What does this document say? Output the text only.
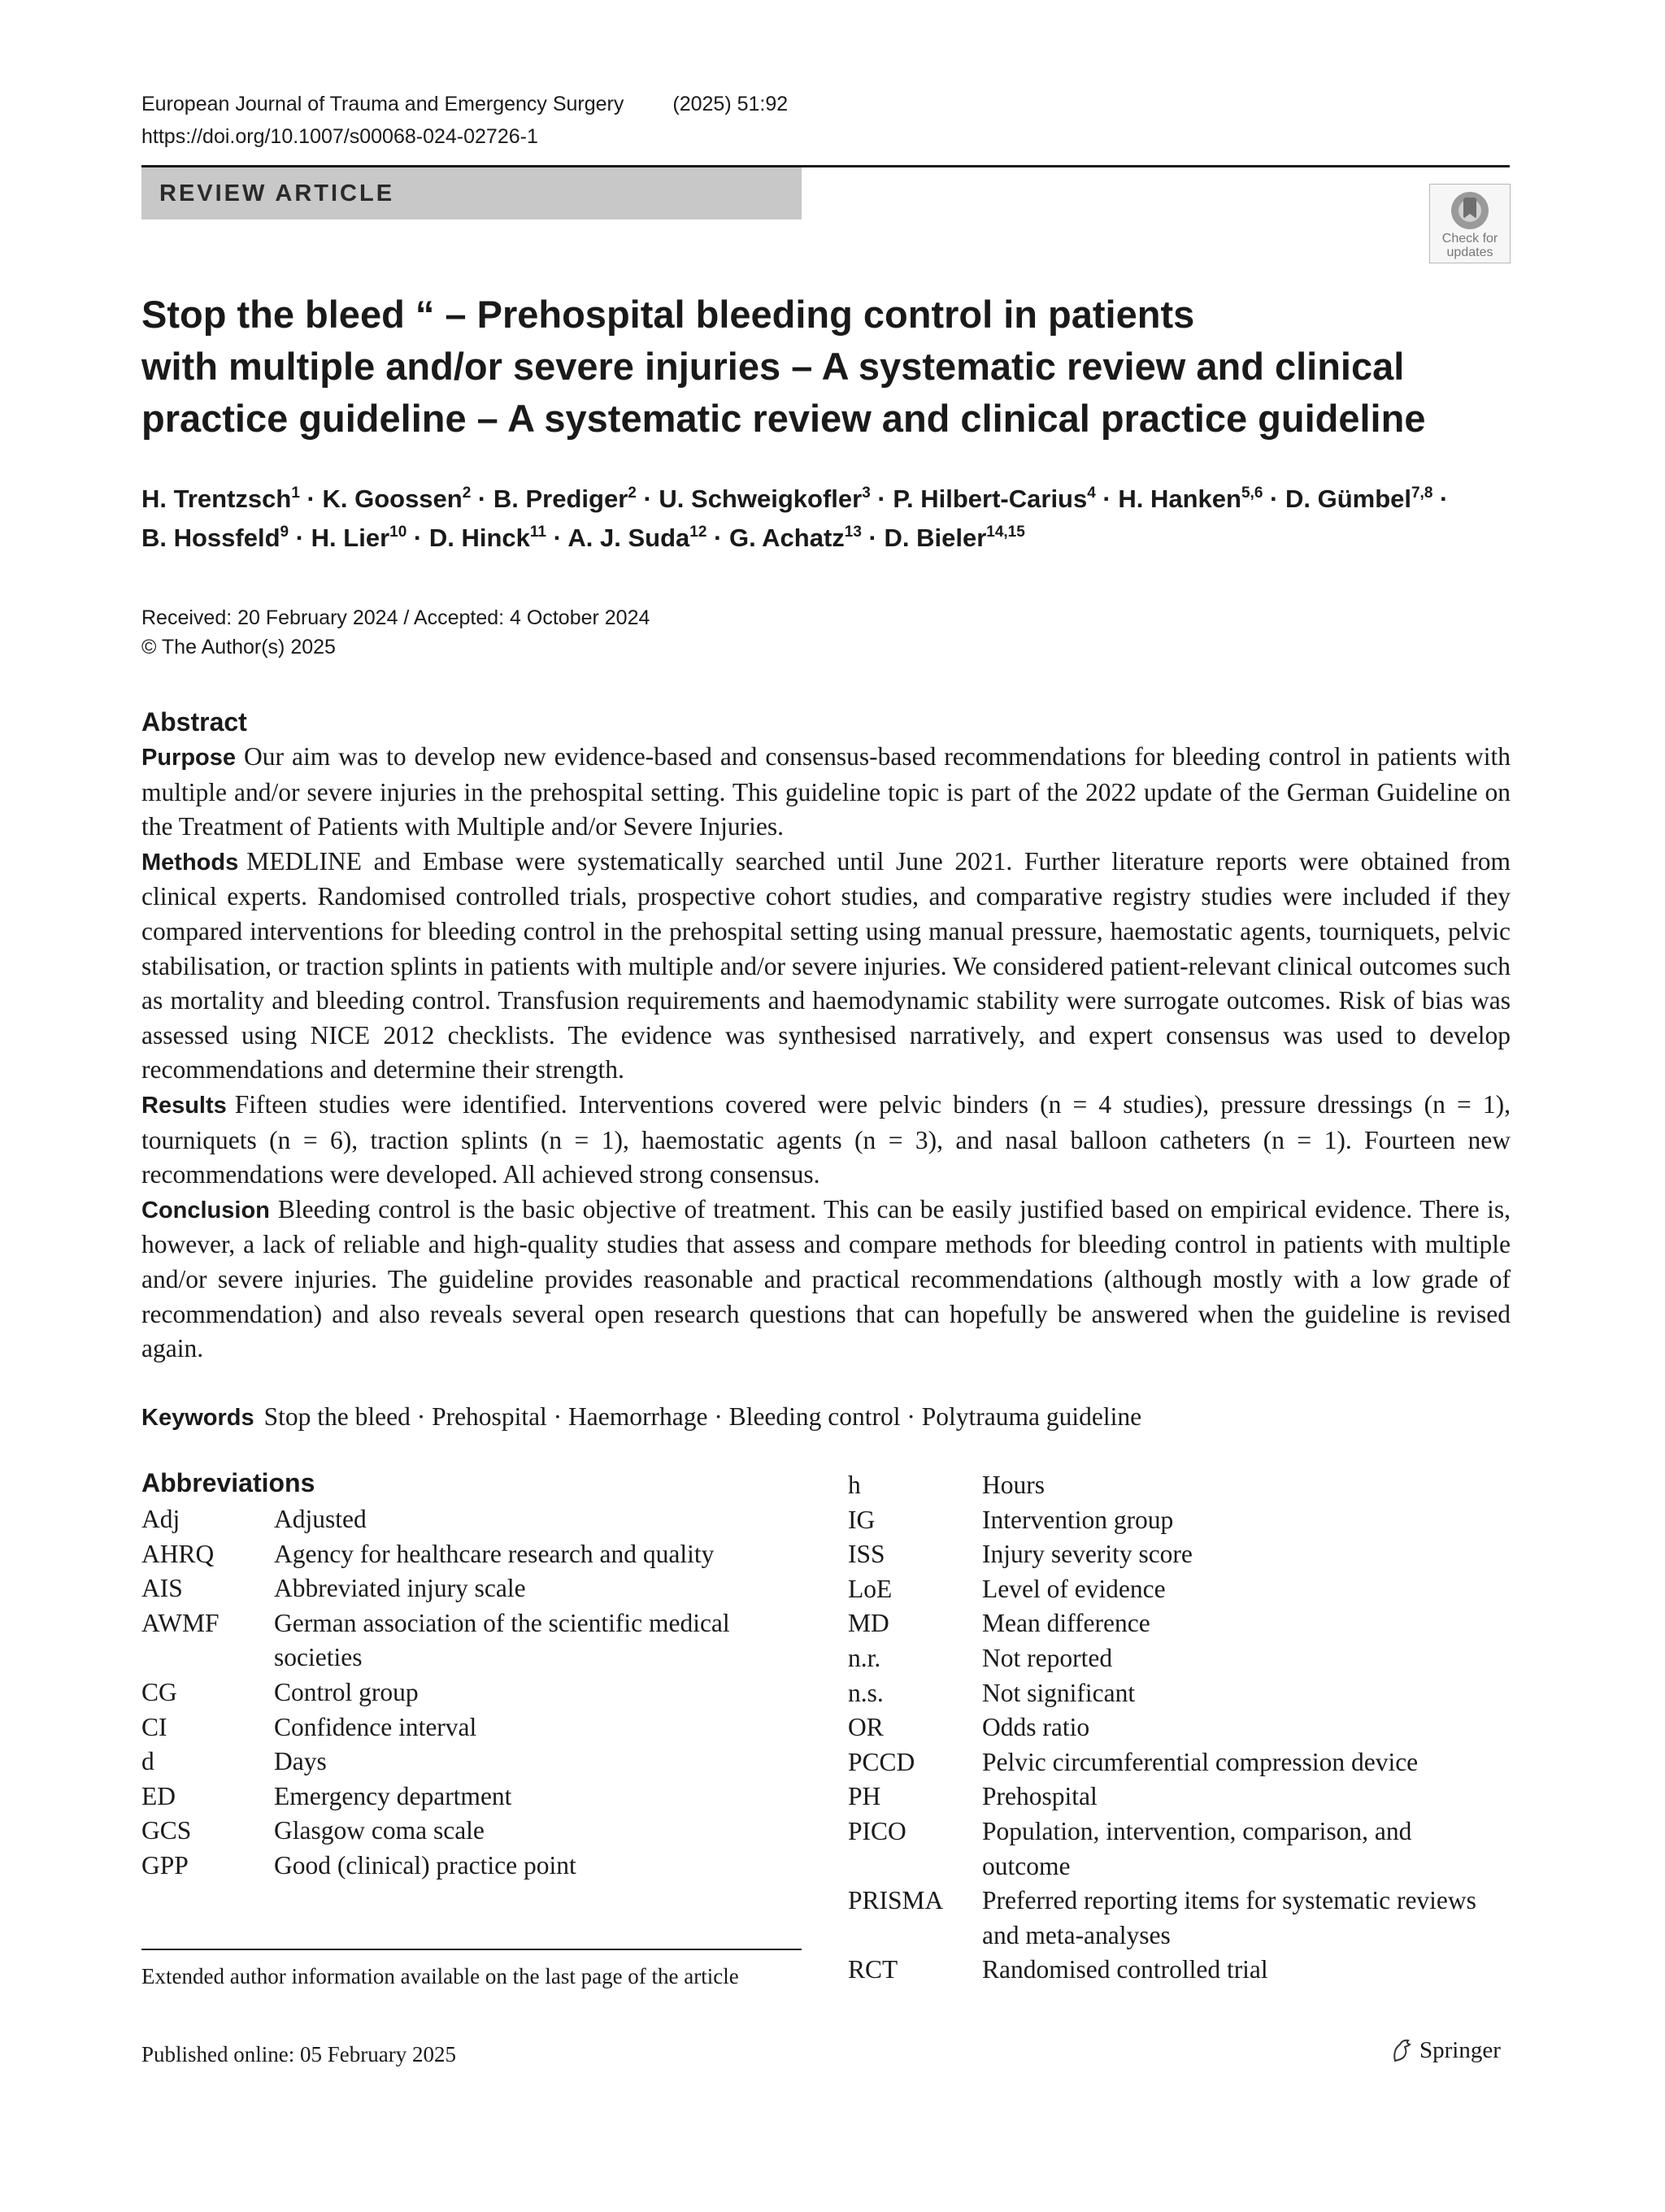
European Journal of Trauma and Emergency Surgery (2025) 51:92
https://doi.org/10.1007/s00068-024-02726-1
REVIEW ARTICLE
Check for
updates
Stop the bleed “ – Prehospital bleeding control in patients
with multiple and/or severe injuries – A systematic review and clinical
practice guideline – A systematic review and clinical practice guideline
H. Trentzsch$^1$ · K. Goossen$^2$ · B. Prediger$^2$ · U. Schweigkofler$^3$ · P. Hilbert‑Carius$^4$ · H. Hanken$^{5,6}$ · D. Gümbel$^{7,8}$ ·
B. Hossfeld$^9$ · H. Lier$^{10}$ · D. Hinck$^{11}$ · A. J. Suda$^{12}$ · G. Achatz$^{13}$ · D. Bieler$^{14,15}$
Received: 20 February 2024 / Accepted: 4 October 2024
© The Author(s) 2025
Abstract

Purpose Our aim was to develop new evidence-based and consensus-based recommendations for bleeding control in patients with multiple and/or severe injuries in the prehospital setting. This guideline topic is part of the 2022 update of the German Guideline on the Treatment of Patients with Multiple and/or Severe Injuries.

Methods MEDLINE and Embase were systematically searched until June 2021. Further literature reports were obtained from clinical experts. Randomised controlled trials, prospective cohort studies, and comparative registry studies were included if they compared interventions for bleeding control in the prehospital setting using manual pressure, haemostatic agents, tourniquets, pelvic stabilisation, or traction splints in patients with multiple and/or severe injuries. We considered patient-relevant clinical outcomes such as mortality and bleeding control. Transfusion requirements and haemodynamic stability were surrogate outcomes. Risk of bias was assessed using NICE 2012 checklists. The evidence was synthesised narratively, and expert consensus was used to develop recommendations and determine their strength.

Results Fifteen studies were identified. Interventions covered were pelvic binders (n = 4 studies), pressure dressings (n = 1), tourniquets (n = 6), traction splints (n = 1), haemostatic agents (n = 3), and nasal balloon catheters (n = 1). Fourteen new recommendations were developed. All achieved strong consensus.

Conclusion Bleeding control is the basic objective of treatment. This can be easily justified based on empirical evidence. There is, however, a lack of reliable and high-quality studies that assess and compare methods for bleeding control in patients with multiple and/or severe injuries. The guideline provides reasonable and practical recommendations (although mostly with a low grade of recommendation) and also reveals several open research questions that can hopefully be answered when the guideline is revised again.

Keywords Stop the bleed · Prehospital · Haemorrhage · Bleeding control · Polytrauma guideline
Abbreviations
Adj	Adjusted
AHRQ	Agency for healthcare research and quality
AIS	Abbreviated injury scale
AWMF	German association of the scientific medical societies
CG	Control group
CI	Confidence interval
d	Days
ED	Emergency department
GCS	Glasgow coma scale
GPP	Good (clinical) practice point
h	Hours
IG	Intervention group
ISS	Injury severity score
LoE	Level of evidence
MD	Mean difference
n.r.	Not reported
n.s.	Not significant
OR	Odds ratio
PCCD	Pelvic circumferential compression device
PH	Prehospital
PICO	Population, intervention, comparison, and outcome
PRISMA	Preferred reporting items for systematic reviews and meta-analyses
RCT	Randomised controlled trial
Extended author information available on the last page of the article
Published online: 05 February 2025	Springer
